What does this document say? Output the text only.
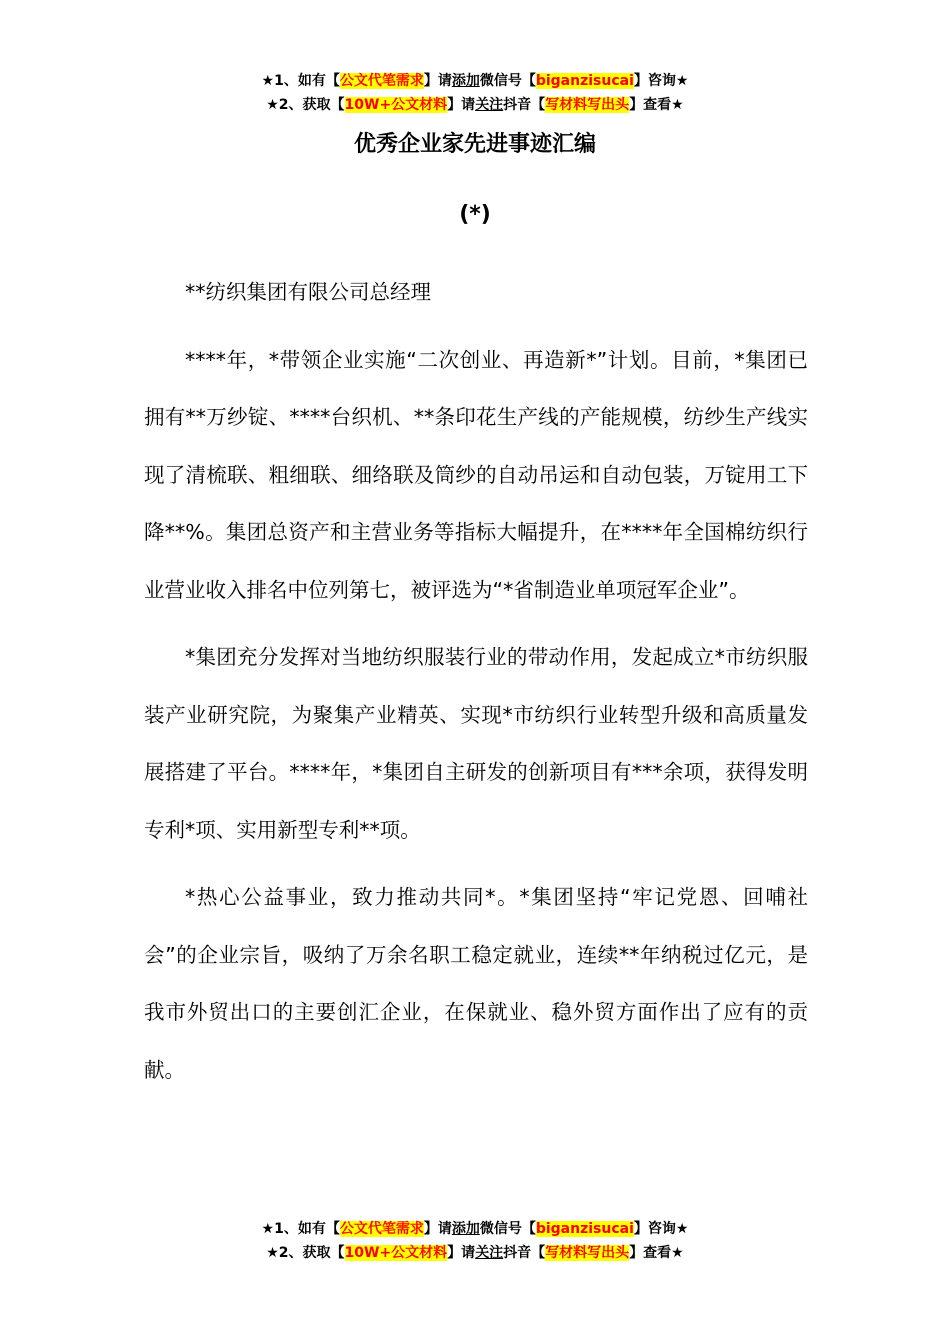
★1、如有【公文代笔需求】请添加微信号【biganzisucai】咨询★
★2、获取【10W+公文材料】请关注抖音【写材料写出头】查看★
优秀企业家先进事迹汇编
(*)

**纺织集团有限公司总经理

****年，*带领企业实施“二次创业、再造新*”计划。目前，*集团已拥有**万纱锭、****台织机、**条印花生产线的产能规模，纺纱生产线实现了清梳联、粗细联、细络联及筒纱的自动吊运和自动包装，万锭用工下降**%。集团总资产和主营业务等指标大幅提升，在****年全国棉纺织行业营业收入排名中位列第七，被评选为“*省制造业单项冠军企业”。

*集团充分发挥对当地纺织服装行业的带动作用，发起成立*市纺织服装产业研究院，为聚集产业精英、实现*市纺织行业转型升级和高质量发展搭建了平台。****年，*集团自主研发的创新项目有***余项，获得发明专利*项、实用新型专利**项。

*热心公益事业，致力推动共同*。*集团坚持“牢记党恩、回哺社会”的企业宗旨，吸纳了万余名职工稳定就业，连续**年纳税过亿元，是我市外贸出口的主要创汇企业，在保就业、稳外贸方面作出了应有的贡献。

★1、如有【公文代笔需求】请添加微信号【biganzisucai】咨询★
★2、获取【10W+公文材料】请关注抖音【写材料写出头】查看★
